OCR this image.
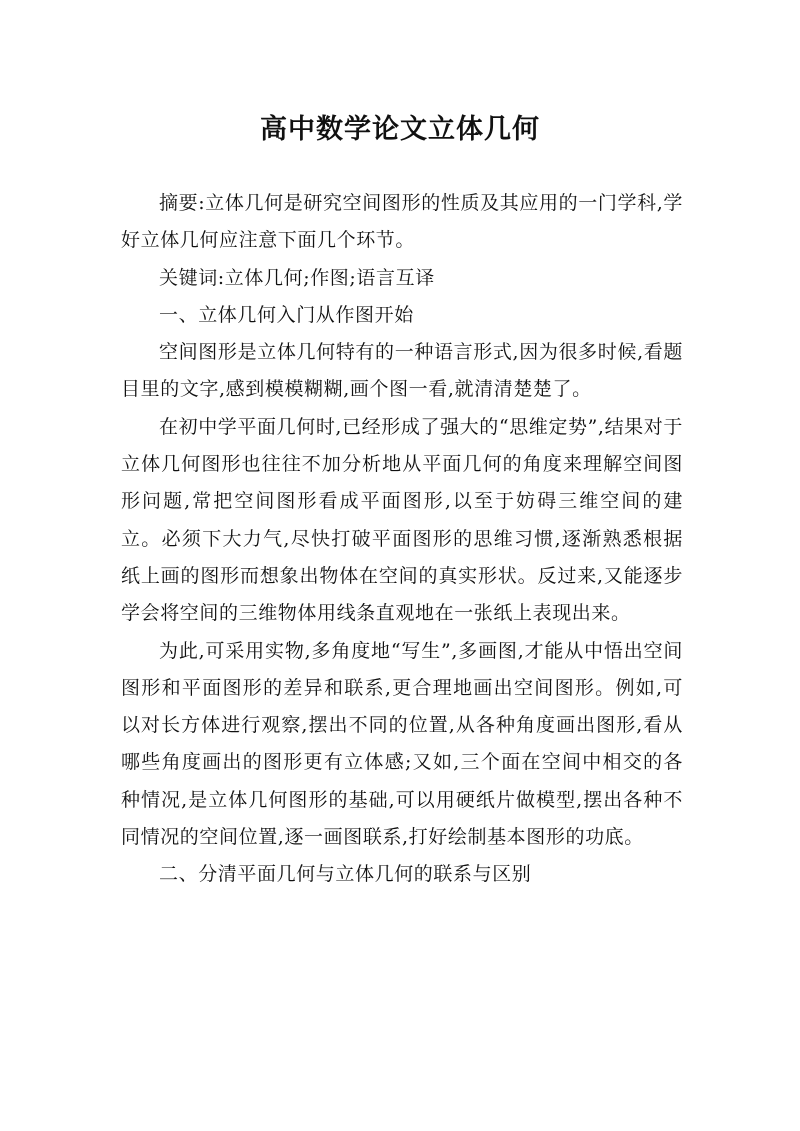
高中数学论文立体几何

摘要:立体几何是研究空间图形的性质及其应用的一门学科,学好立体几何应注意下面几个环节。

关键词:立体几何;作图;语言互译

一、立体几何入门从作图开始

空间图形是立体几何特有的一种语言形式,因为很多时候,看题目里的文字,感到模模糊糊,画个图一看,就清清楚楚了。

在初中学平面几何时,已经形成了强大的“思维定势”,结果对于立体几何图形也往往不加分析地从平面几何的角度来理解空间图形问题,常把空间图形看成平面图形,以至于妨碍三维空间的建立。必须下大力气,尽快打破平面图形的思维习惯,逐渐熟悉根据纸上画的图形而想象出物体在空间的真实形状。反过来,又能逐步学会将空间的三维物体用线条直观地在一张纸上表现出来。

为此,可采用实物,多角度地“写生”,多画图,才能从中悟出空间图形和平面图形的差异和联系,更合理地画出空间图形。例如,可以对长方体进行观察,摆出不同的位置,从各种角度画出图形,看从哪些角度画出的图形更有立体感;又如,三个面在空间中相交的各种情况,是立体几何图形的基础,可以用硬纸片做模型,摆出各种不同情况的空间位置,逐一画图联系,打好绘制基本图形的功底。

二、分清平面几何与立体几何的联系与区别
